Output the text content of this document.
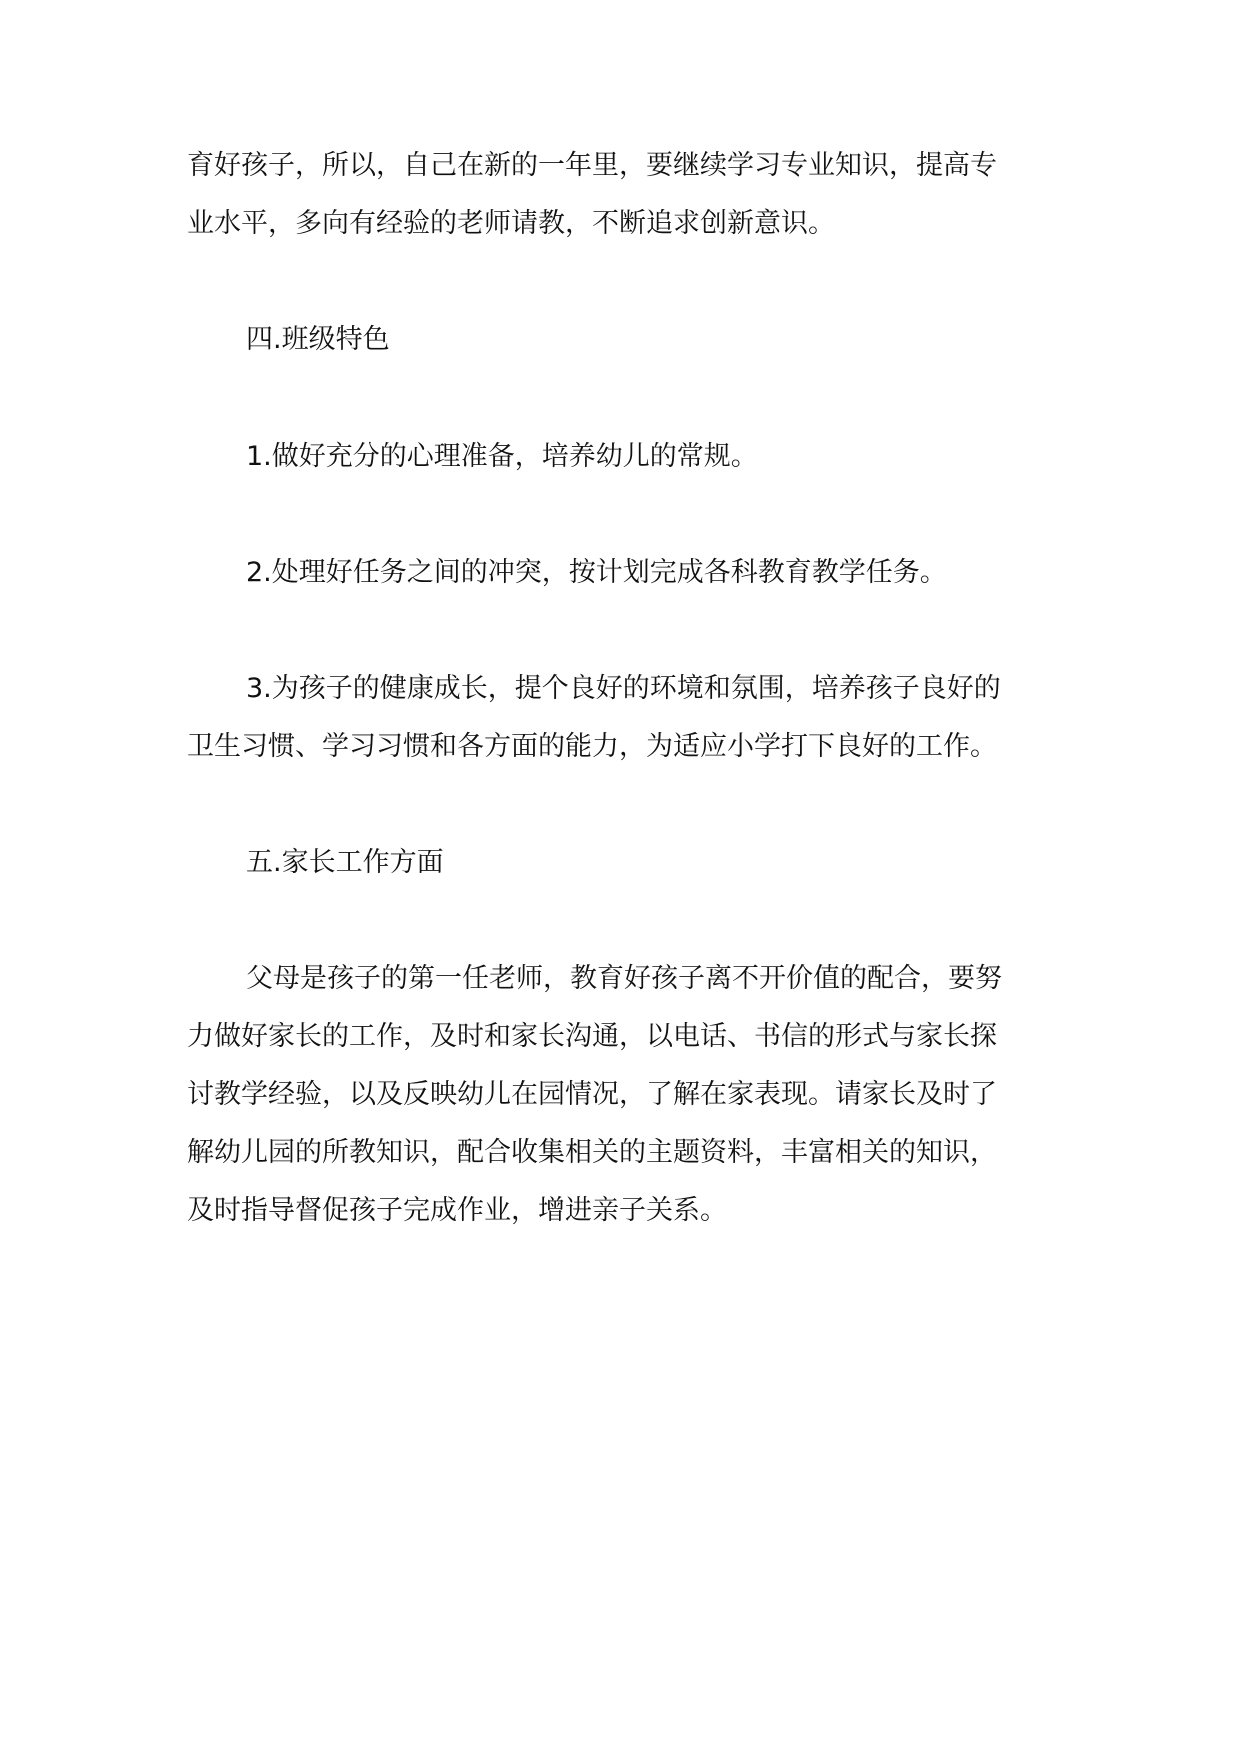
育好孩子，所以，自己在新的一年里，要继续学习专业知识，提高专
业水平，多向有经验的老师请教，不断追求创新意识。

四.班级特色

1.做好充分的心理准备，培养幼儿的常规。

2.处理好任务之间的冲突，按计划完成各科教育教学任务。

3.为孩子的健康成长，提个良好的环境和氛围，培养孩子良好的
卫生习惯、学习习惯和各方面的能力，为适应小学打下良好的工作。

五.家长工作方面

父母是孩子的第一任老师，教育好孩子离不开价值的配合，要努
力做好家长的工作，及时和家长沟通，以电话、书信的形式与家长探
讨教学经验，以及反映幼儿在园情况，了解在家表现。请家长及时了
解幼儿园的所教知识，配合收集相关的主题资料，丰富相关的知识，
及时指导督促孩子完成作业，增进亲子关系。
